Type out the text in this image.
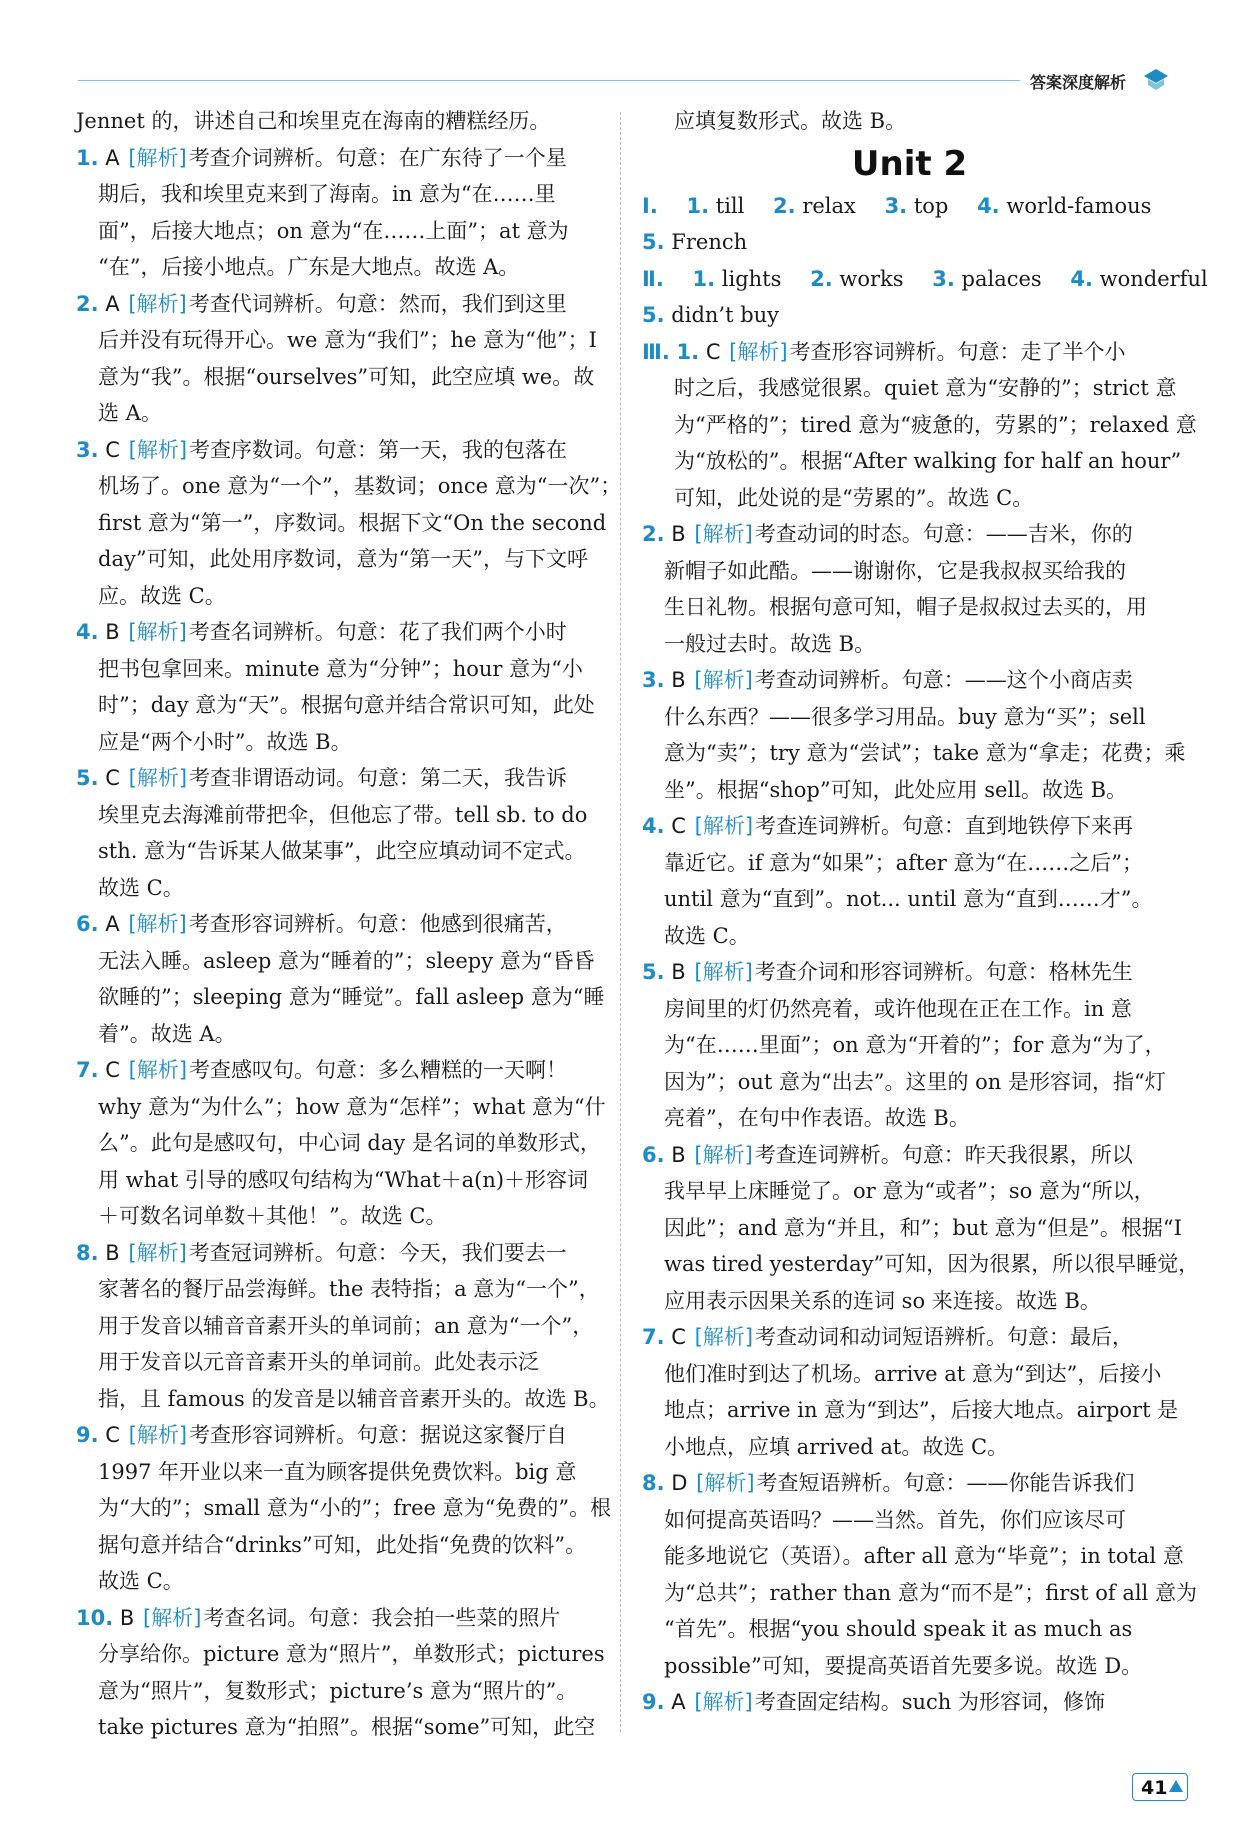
答案深度解析
Jennet 的，讲述自己和埃里克在海南的糟糕经历。
1. A [解析]考查介词辨析。句意：在广东待了一个星
期后，我和埃里克来到了海南。in 意为“在……里
面”，后接大地点；on 意为“在……上面”；at 意为
“在”，后接小地点。广东是大地点。故选 A。
2. A [解析]考查代词辨析。句意：然而，我们到这里
后并没有玩得开心。we 意为“我们”；he 意为“他”；I
意为“我”。根据“ourselves”可知，此空应填 we。故
选 A。
3. C [解析]考查序数词。句意：第一天，我的包落在
机场了。one 意为“一个”，基数词；once 意为“一次”；
first 意为“第一”，序数词。根据下文“On the second
day”可知，此处用序数词，意为“第一天”，与下文呼
应。故选 C。
4. B [解析]考查名词辨析。句意：花了我们两个小时
把书包拿回来。minute 意为“分钟”；hour 意为“小
时”；day 意为“天”。根据句意并结合常识可知，此处
应是“两个小时”。故选 B。
5. C [解析]考查非谓语动词。句意：第二天，我告诉
埃里克去海滩前带把伞，但他忘了带。tell sb. to do
sth. 意为“告诉某人做某事”，此空应填动词不定式。
故选 C。
6. A [解析]考查形容词辨析。句意：他感到很痛苦，
无法入睡。asleep 意为“睡着的”；sleepy 意为“昏昏
欲睡的”；sleeping 意为“睡觉”。fall asleep 意为“睡
着”。故选 A。
7. C [解析]考查感叹句。句意：多么糟糕的一天啊！
why 意为“为什么”；how 意为“怎样”；what 意为“什
么”。此句是感叹句，中心词 day 是名词的单数形式，
用 what 引导的感叹句结构为“What＋a(n)＋形容词
＋可数名词单数＋其他！”。故选 C。
8. B [解析]考查冠词辨析。句意：今天，我们要去一
家著名的餐厅品尝海鲜。the 表特指；a 意为“一个”，
用于发音以辅音音素开头的单词前；an 意为“一个”，
用于发音以元音音素开头的单词前。此处表示泛
指，且 famous 的发音是以辅音音素开头的。故选 B。
9. C [解析]考查形容词辨析。句意：据说这家餐厅自
1997 年开业以来一直为顾客提供免费饮料。big 意
为“大的”；small 意为“小的”；free 意为“免费的”。根
据句意并结合“drinks”可知，此处指“免费的饮料”。
故选 C。
10. B [解析]考查名词。句意：我会拍一些菜的照片
分享给你。picture 意为“照片”，单数形式；pictures
意为“照片”，复数形式；picture’s 意为“照片的”。
take pictures 意为“拍照”。根据“some”可知，此空
应填复数形式。故选 B。
Unit 2
Ⅰ. 1. till 2. relax 3. top 4. world-famous
5. French
Ⅱ. 1. lights 2. works 3. palaces 4. wonderful
5. didn’t buy
Ⅲ. 1. C [解析]考查形容词辨析。句意：走了半个小
时之后，我感觉很累。quiet 意为“安静的”；strict 意
为“严格的”；tired 意为“疲惫的，劳累的”；relaxed 意
为“放松的”。根据“After walking for half an hour”
可知，此处说的是“劳累的”。故选 C。
2. B [解析]考查动词的时态。句意：——吉米，你的
新帽子如此酷。——谢谢你，它是我叔叔买给我的
生日礼物。根据句意可知，帽子是叔叔过去买的，用
一般过去时。故选 B。
3. B [解析]考查动词辨析。句意：——这个小商店卖
什么东西？——很多学习用品。buy 意为“买”；sell
意为“卖”；try 意为“尝试”；take 意为“拿走；花费；乘
坐”。根据“shop”可知，此处应用 sell。故选 B。
4. C [解析]考查连词辨析。句意：直到地铁停下来再
靠近它。if 意为“如果”；after 意为“在……之后”；
until 意为“直到”。not... until 意为“直到……才”。
故选 C。
5. B [解析]考查介词和形容词辨析。句意：格林先生
房间里的灯仍然亮着，或许他现在正在工作。in 意
为“在……里面”；on 意为“开着的”；for 意为“为了，
因为”；out 意为“出去”。这里的 on 是形容词，指“灯
亮着”，在句中作表语。故选 B。
6. B [解析]考查连词辨析。句意：昨天我很累，所以
我早早上床睡觉了。or 意为“或者”；so 意为“所以，
因此”；and 意为“并且，和”；but 意为“但是”。根据“I
was tired yesterday”可知，因为很累，所以很早睡觉，
应用表示因果关系的连词 so 来连接。故选 B。
7. C [解析]考查动词和动词短语辨析。句意：最后，
他们准时到达了机场。arrive at 意为“到达”，后接小
地点；arrive in 意为“到达”，后接大地点。airport 是
小地点，应填 arrived at。故选 C。
8. D [解析]考查短语辨析。句意：——你能告诉我们
如何提高英语吗？——当然。首先，你们应该尽可
能多地说它（英语）。after all 意为“毕竟”；in total 意
为“总共”；rather than 意为“而不是”；first of all 意为
“首先”。根据“you should speak it as much as
possible”可知，要提高英语首先要多说。故选 D。
9. A [解析]考查固定结构。such 为形容词，修饰
41
